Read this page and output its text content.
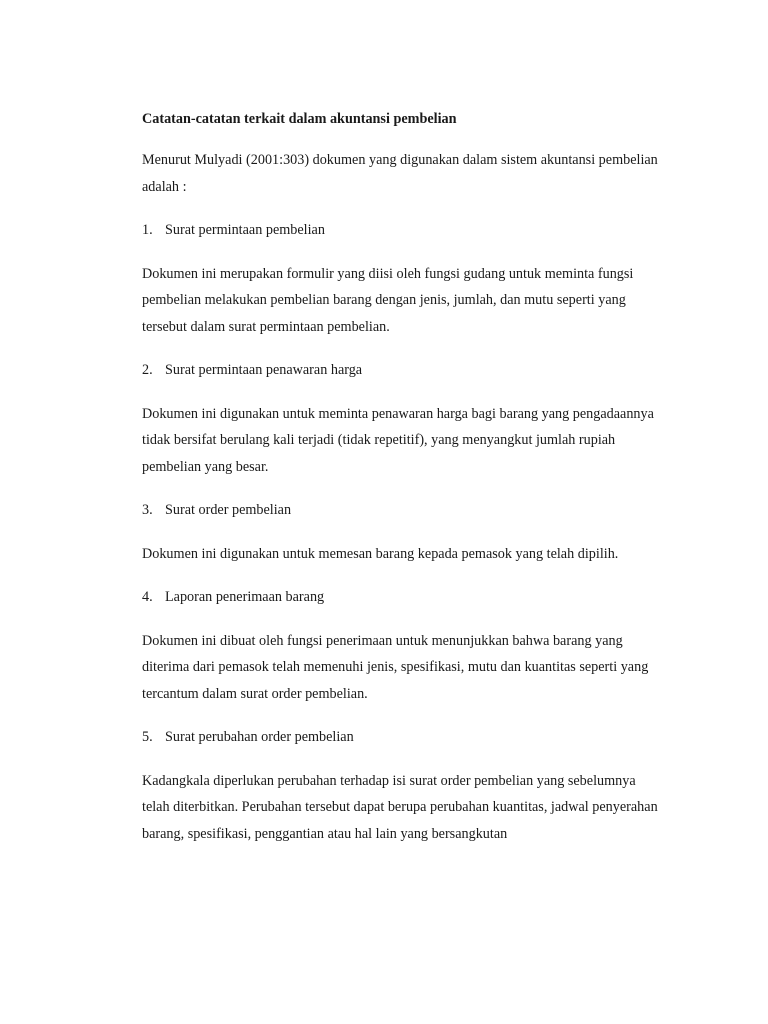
Catatan-catatan terkait dalam akuntansi pembelian

Menurut Mulyadi (2001:303) dokumen yang digunakan dalam sistem akuntansi pembelian adalah :

1. Surat permintaan pembelian

Dokumen ini merupakan formulir yang diisi oleh fungsi gudang untuk meminta fungsi pembelian melakukan pembelian barang dengan jenis, jumlah, dan mutu seperti yang tersebut dalam surat permintaan pembelian.

2. Surat permintaan penawaran harga

Dokumen ini digunakan untuk meminta penawaran harga bagi barang yang pengadaannya tidak bersifat berulang kali terjadi (tidak repetitif), yang menyangkut jumlah rupiah pembelian yang besar.

3. Surat order pembelian

Dokumen ini digunakan untuk memesan barang kepada pemasok yang telah dipilih.

4. Laporan penerimaan barang

Dokumen ini dibuat oleh fungsi penerimaan untuk menunjukkan bahwa barang yang diterima dari pemasok telah memenuhi jenis, spesifikasi, mutu dan kuantitas seperti yang tercantum dalam surat order pembelian.

5. Surat perubahan order pembelian

Kadangkala diperlukan perubahan terhadap isi surat order pembelian yang sebelumnya telah diterbitkan. Perubahan tersebut dapat berupa perubahan kuantitas, jadwal penyerahan barang, spesifikasi, penggantian atau hal lain yang bersangkutan
